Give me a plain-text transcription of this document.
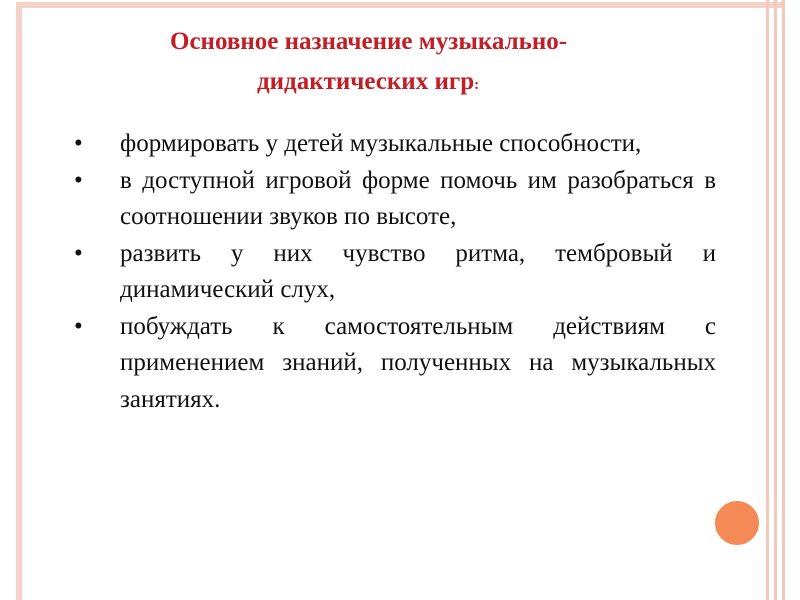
Основное назначение музыкально-
дидактических игр:
•	формировать у детей музыкальные способности,
•	в доступной игровой форме помочь им разобраться в соотношении звуков по высоте,
•	развить у них чувство ритма, тембровый и динамический слух,
•	побуждать к самостоятельным действиям с применением знаний, полученных на музыкальных занятиях.
